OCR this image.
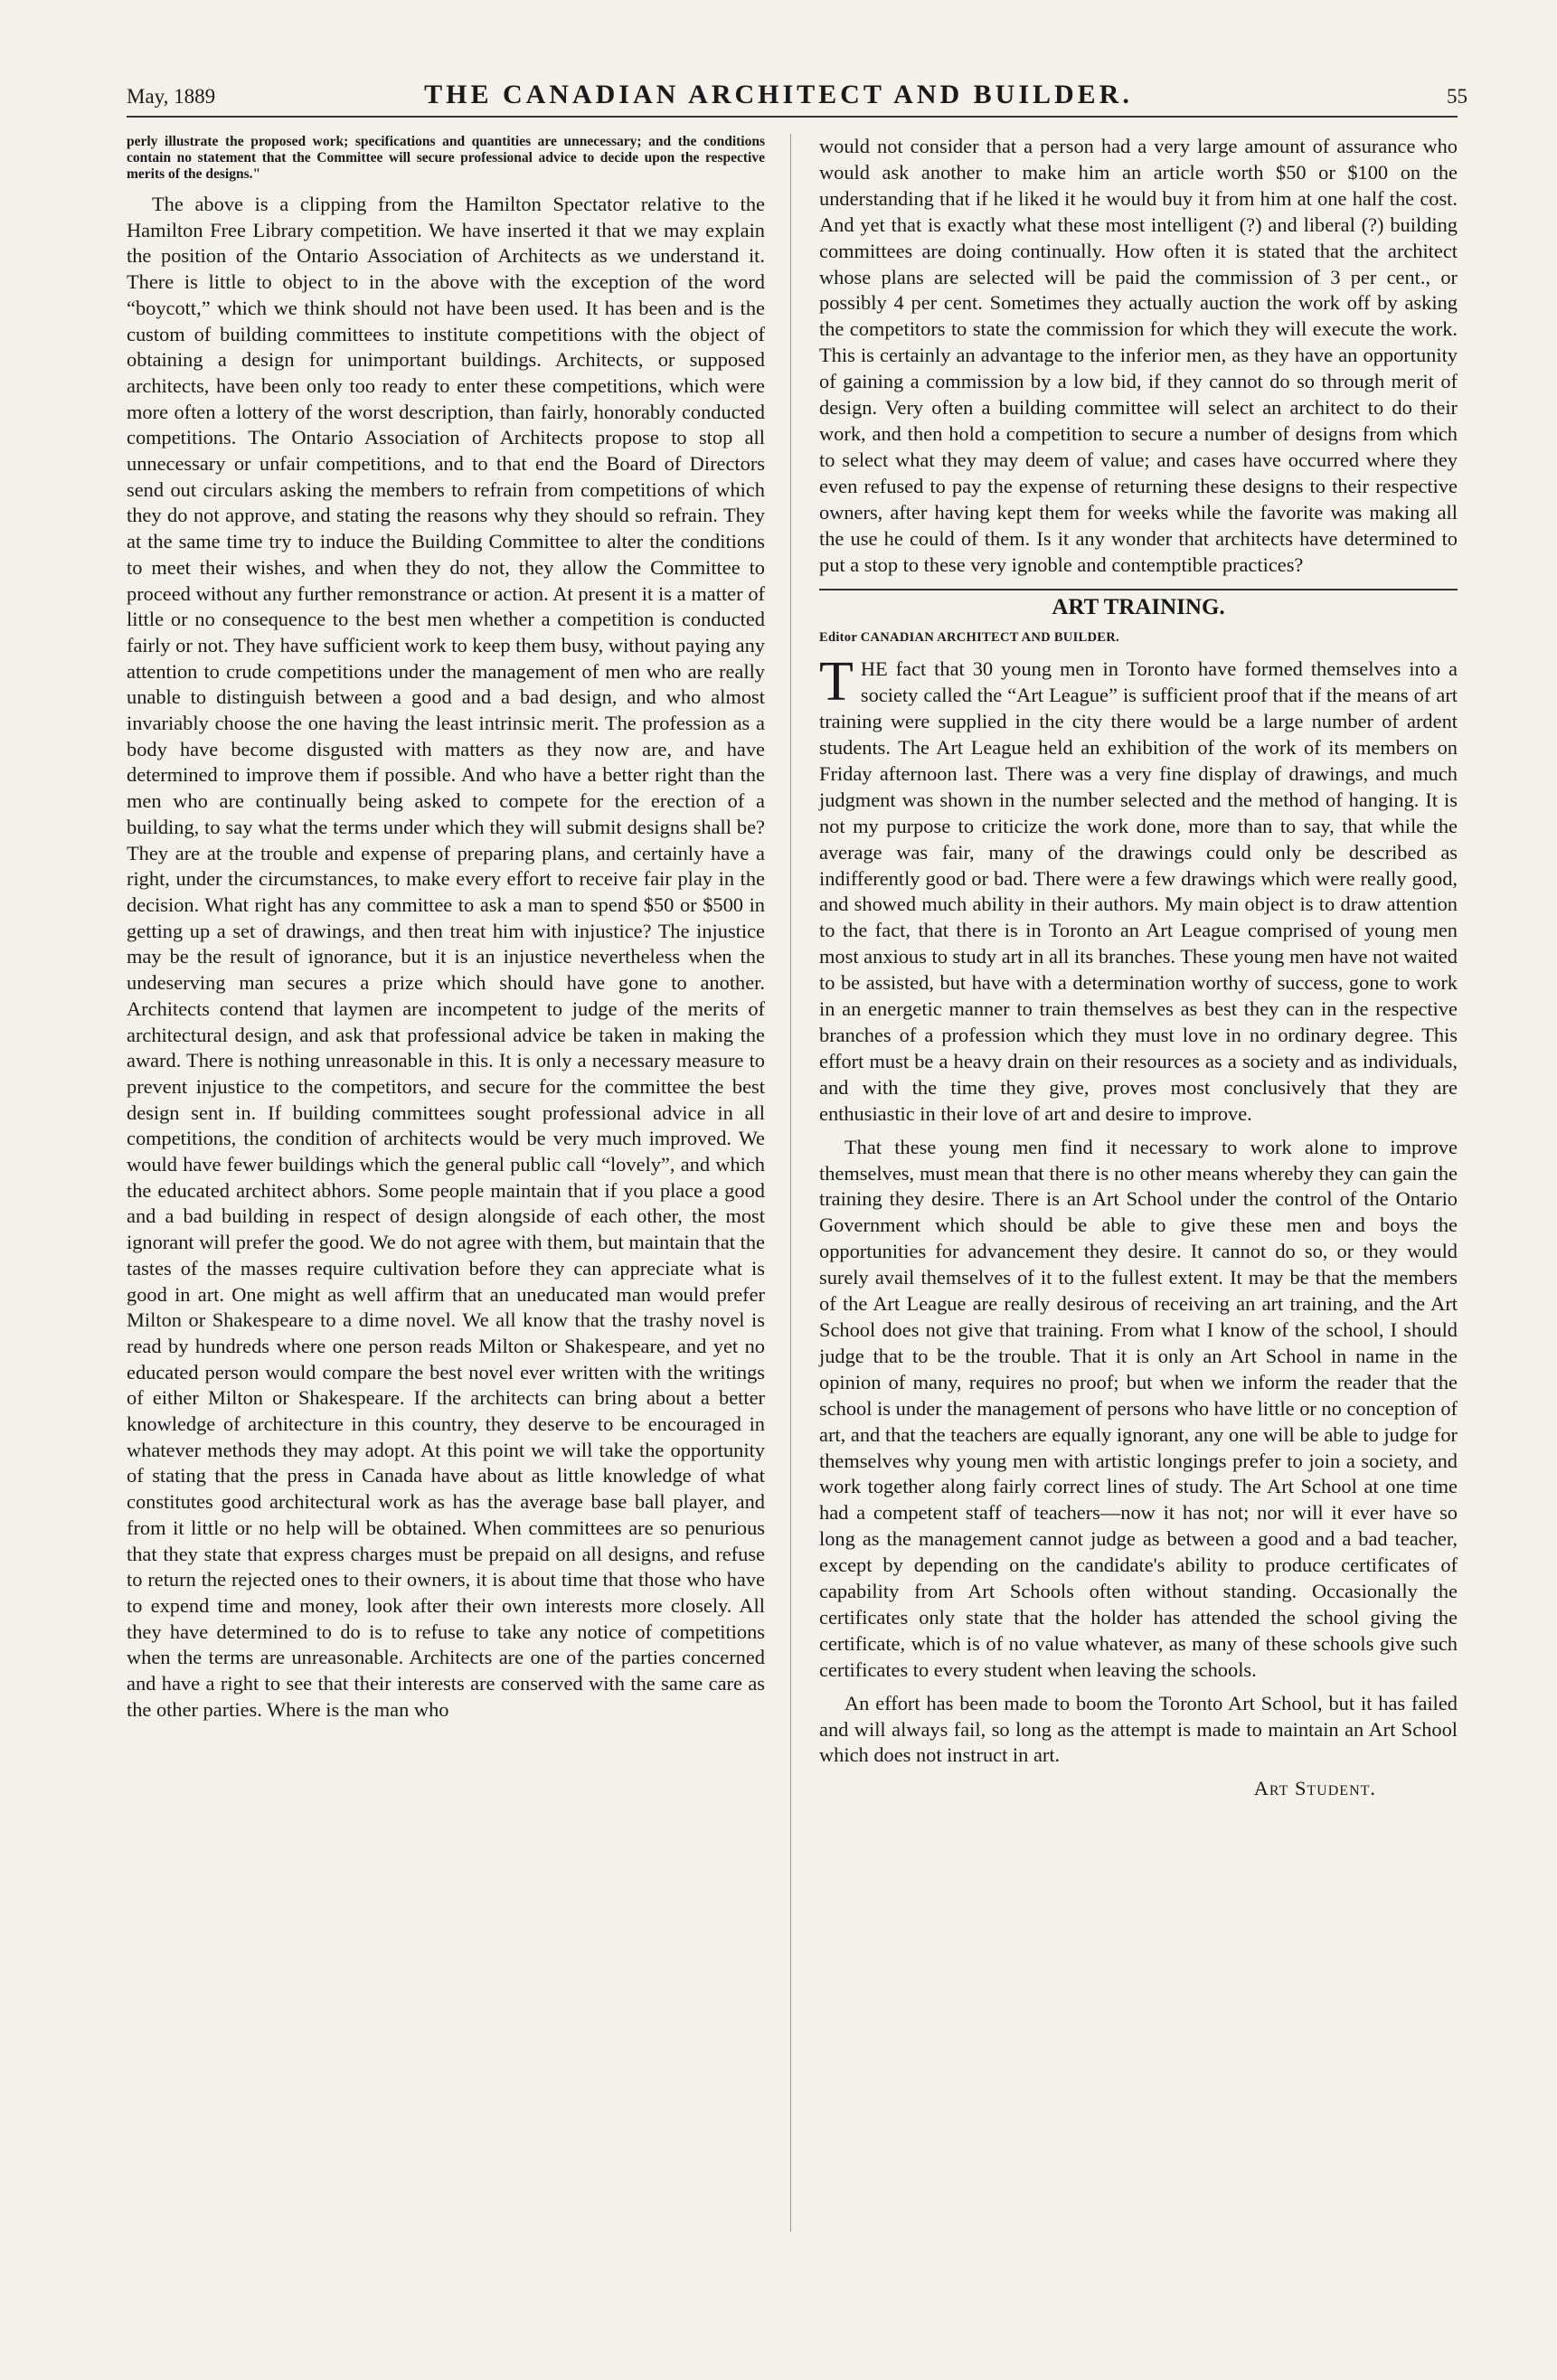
May, 1889	THE CANADIAN ARCHITECT AND BUILDER.	55

perly illustrate the proposed work; specifications and quantities are unnecessary; and the conditions contain no statement that the Committee will secure professional advice to decide upon the respective merits of the designs."

The above is a clipping from the Hamilton Spectator relative to the Hamilton Free Library competition. We have inserted it that we may explain the position of the Ontario Association of Architects as we understand it. There is little to object to in the above with the exception of the word “boycott,” which we think should not have been used. It has been and is the custom of building committees to institute competitions with the object of obtaining a design for unimportant buildings. Architects, or supposed architects, have been only too ready to enter these competitions, which were more often a lottery of the worst description, than fairly, honorably conducted competitions. The Ontario Association of Architects propose to stop all unnecessary or unfair competitions, and to that end the Board of Directors send out circulars asking the members to refrain from competitions of which they do not approve, and stating the reasons why they should so refrain. They at the same time try to induce the Building Committee to alter the conditions to meet their wishes, and when they do not, they allow the Committee to proceed without any further remonstrance or action. At present it is a matter of little or no consequence to the best men whether a competition is conducted fairly or not. They have sufficient work to keep them busy, without paying any attention to crude competitions under the management of men who are really unable to distinguish between a good and a bad design, and who almost invariably choose the one having the least intrinsic merit. The profession as a body have become disgusted with matters as they now are, and have determined to improve them if possible. And who have a better right than the men who are continually being asked to compete for the erection of a building, to say what the terms under which they will submit designs shall be? They are at the trouble and expense of preparing plans, and certainly have a right, under the circumstances, to make every effort to receive fair play in the decision. What right has any committee to ask a man to spend $50 or $500 in getting up a set of drawings, and then treat him with injustice? The injustice may be the result of ignorance, but it is an injustice nevertheless when the undeserving man secures a prize which should have gone to another. Architects contend that laymen are incompetent to judge of the merits of architectural design, and ask that professional advice be taken in making the award. There is nothing unreasonable in this. It is only a necessary measure to prevent injustice to the competitors, and secure for the committee the best design sent in. If building committees sought professional advice in all competitions, the condition of architects would be very much improved. We would have fewer buildings which the general public call “lovely”, and which the educated architect abhors. Some people maintain that if you place a good and a bad building in respect of design alongside of each other, the most ignorant will prefer the good. We do not agree with them, but maintain that the tastes of the masses require cultivation before they can appreciate what is good in art. One might as well affirm that an uneducated man would prefer Milton or Shakespeare to a dime novel. We all know that the trashy novel is read by hundreds where one person reads Milton or Shakespeare, and yet no educated person would compare the best novel ever written with the writings of either Milton or Shakespeare. If the architects can bring about a better knowledge of architecture in this country, they deserve to be encouraged in whatever methods they may adopt. At this point we will take the opportunity of stating that the press in Canada have about as little knowledge of what constitutes good architectural work as has the average base ball player, and from it little or no help will be obtained. When committees are so penurious that they state that express charges must be prepaid on all designs, and refuse to return the rejected ones to their owners, it is about time that those who have to expend time and money, look after their own interests more closely. All they have determined to do is to refuse to take any notice of competitions when the terms are unreasonable. Architects are one of the parties concerned and have a right to see that their interests are conserved with the same care as the other parties. Where is the man who

would not consider that a person had a very large amount of assurance who would ask another to make him an article worth $50 or $100 on the understanding that if he liked it he would buy it from him at one half the cost. And yet that is exactly what these most intelligent (?) and liberal (?) building committees are doing continually. How often it is stated that the architect whose plans are selected will be paid the commission of 3 per cent., or possibly 4 per cent. Sometimes they actually auction the work off by asking the competitors to state the commission for which they will execute the work. This is certainly an advantage to the inferior men, as they have an opportunity of gaining a commission by a low bid, if they cannot do so through merit of design. Very often a building committee will select an architect to do their work, and then hold a competition to secure a number of designs from which to select what they may deem of value; and cases have occurred where they even refused to pay the expense of returning these designs to their respective owners, after having kept them for weeks while the favorite was making all the use he could of them. Is it any wonder that architects have determined to put a stop to these very ignoble and contemptible practices?

ART TRAINING.
Editor CANADIAN ARCHITECT AND BUILDER.

THE fact that 30 young men in Toronto have formed themselves into a society called the “Art League” is sufficient proof that if the means of art training were supplied in the city there would be a large number of ardent students. The Art League held an exhibition of the work of its members on Friday afternoon last. There was a very fine display of drawings, and much judgment was shown in the number selected and the method of hanging. It is not my purpose to criticize the work done, more than to say, that while the average was fair, many of the drawings could only be described as indifferently good or bad. There were a few drawings which were really good, and showed much ability in their authors. My main object is to draw attention to the fact, that there is in Toronto an Art League comprised of young men most anxious to study art in all its branches. These young men have not waited to be assisted, but have with a determination worthy of success, gone to work in an energetic manner to train themselves as best they can in the respective branches of a profession which they must love in no ordinary degree. This effort must be a heavy drain on their resources as a society and as individuals, and with the time they give, proves most conclusively that they are enthusiastic in their love of art and desire to improve.

That these young men find it necessary to work alone to improve themselves, must mean that there is no other means whereby they can gain the training they desire. There is an Art School under the control of the Ontario Government which should be able to give these men and boys the opportunities for advancement they desire. It cannot do so, or they would surely avail themselves of it to the fullest extent. It may be that the members of the Art League are really desirous of receiving an art training, and the Art School does not give that training. From what I know of the school, I should judge that to be the trouble. That it is only an Art School in name in the opinion of many, requires no proof; but when we inform the reader that the school is under the management of persons who have little or no conception of art, and that the teachers are equally ignorant, any one will be able to judge for themselves why young men with artistic longings prefer to join a society, and work together along fairly correct lines of study. The Art School at one time had a competent staff of teachers—now it has not; nor will it ever have so long as the management cannot judge as between a good and a bad teacher, except by depending on the candidate's ability to produce certificates of capability from Art Schools often without standing. Occasionally the certificates only state that the holder has attended the school giving the certificate, which is of no value whatever, as many of these schools give such certificates to every student when leaving the schools.

An effort has been made to boom the Toronto Art School, but it has failed and will always fail, so long as the attempt is made to maintain an Art School which does not instruct in art.

Art Student.
